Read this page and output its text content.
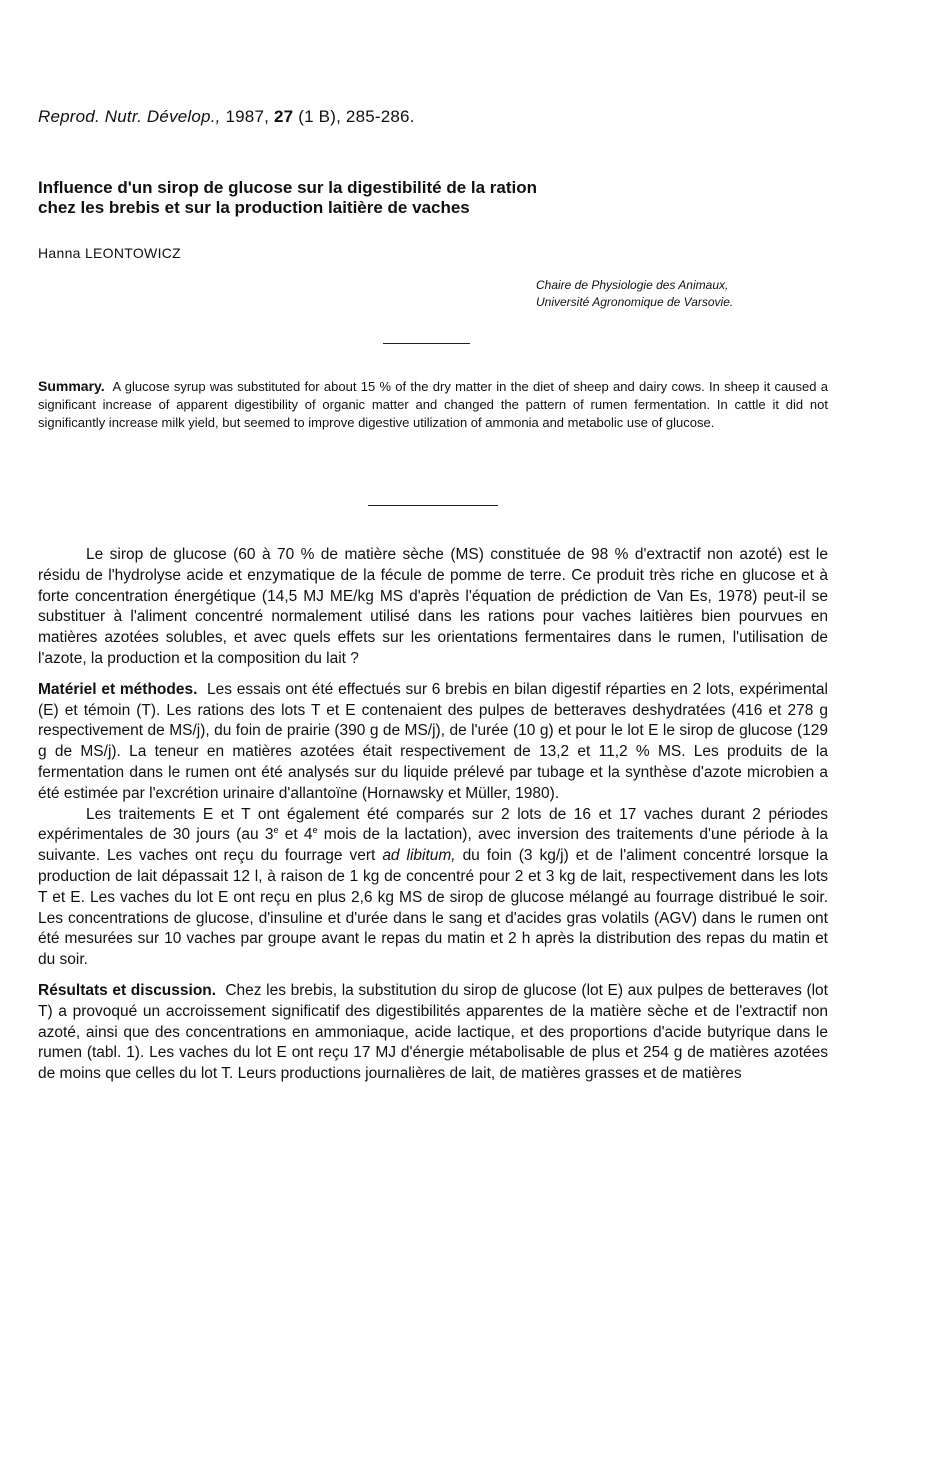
Reprod. Nutr. Dévelop., 1987, 27 (1 B), 285-286.
Influence d'un sirop de glucose sur la digestibilité de la ration
chez les brebis et sur la production laitière de vaches
Hanna LEONTOWICZ
Chaire de Physiologie des Animaux,
Université Agronomique de Varsovie.
Summary. A glucose syrup was substituted for about 15 % of the dry matter in the diet of sheep and dairy cows. In sheep it caused a significant increase of apparent digestibility of organic matter and changed the pattern of rumen fermentation. In cattle it did not significantly increase milk yield, but seemed to improve digestive utilization of ammonia and metabolic use of glucose.

Le sirop de glucose (60 à 70 % de matière sèche (MS) constituée de 98 % d'extractif non azoté) est le résidu de l'hydrolyse acide et enzymatique de la fécule de pomme de terre. Ce produit très riche en glucose et à forte concentration énergétique (14,5 MJ ME/kg MS d'après l'équation de prédiction de Van Es, 1978) peut-il se substituer à l'aliment concentré normalement utilisé dans les rations pour vaches laitières bien pourvues en matières azotées solubles, et avec quels effets sur les orientations fermentaires dans le rumen, l'utilisation de l'azote, la production et la composition du lait ?

Matériel et méthodes. Les essais ont été effectués sur 6 brebis en bilan digestif réparties en 2 lots, expérimental (E) et témoin (T). Les rations des lots T et E contenaient des pulpes de betteraves deshydratées (416 et 278 g respectivement de MS/j), du foin de prairie (390 g de MS/j), de l'urée (10 g) et pour le lot E le sirop de glucose (129 g de MS/j). La teneur en matières azotées était respectivement de 13,2 et 11,2 % MS. Les produits de la fermentation dans le rumen ont été analysés sur du liquide prélevé par tubage et la synthèse d'azote microbien a été estimée par l'excrétion urinaire d'allantoïne (Hornawsky et Müller, 1980).

Les traitements E et T ont également été comparés sur 2 lots de 16 et 17 vaches durant 2 périodes expérimentales de 30 jours (au 3e et 4e mois de la lactation), avec inversion des traitements d'une période à la suivante. Les vaches ont reçu du fourrage vert ad libitum, du foin (3 kg/j) et de l'aliment concentré lorsque la production de lait dépassait 12 l, à raison de 1 kg de concentré pour 2 et 3 kg de lait, respectivement dans les lots T et E. Les vaches du lot E ont reçu en plus 2,6 kg MS de sirop de glucose mélangé au fourrage distribué le soir. Les concentrations de glucose, d'insuline et d'urée dans le sang et d'acides gras volatils (AGV) dans le rumen ont été mesurées sur 10 vaches par groupe avant le repas du matin et 2 h après la distribution des repas du matin et du soir.

Résultats et discussion. Chez les brebis, la substitution du sirop de glucose (lot E) aux pulpes de betteraves (lot T) a provoqué un accroissement significatif des digestibilités apparentes de la matière sèche et de l'extractif non azoté, ainsi que des concentrations en ammoniaque, acide lactique, et des proportions d'acide butyrique dans le rumen (tabl. 1). Les vaches du lot E ont reçu 17 MJ d'énergie métabolisable de plus et 254 g de matières azotées de moins que celles du lot T. Leurs productions journalières de lait, de matières grasses et de matières
